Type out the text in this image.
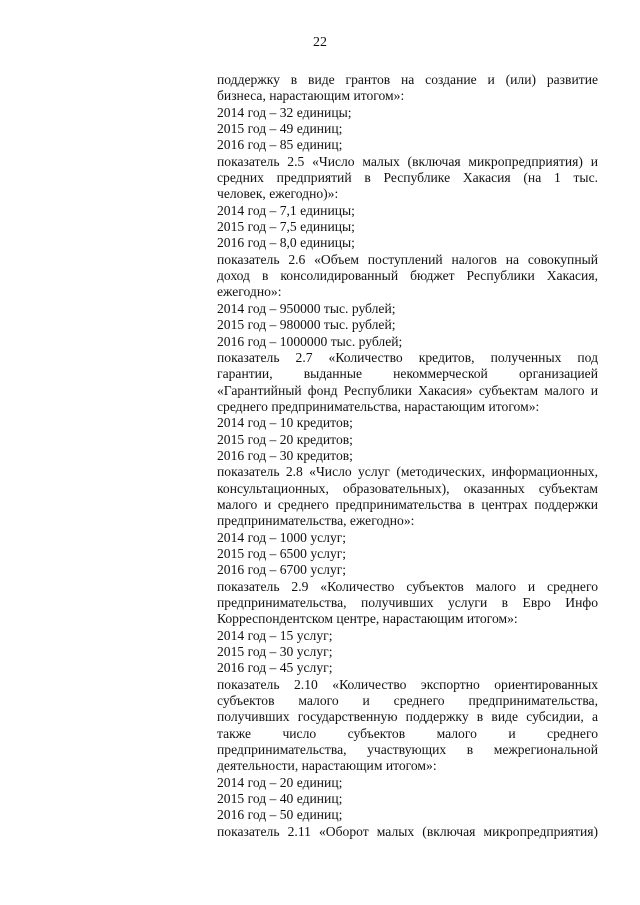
22
поддержку в виде грантов на создание и (или) развитие
бизнеса, нарастающим итогом»:
2014 год – 32 единицы;
2015 год – 49 единиц;
2016 год – 85 единиц;
показатель 2.5 «Число малых (включая микропредприятия) и
средних предприятий в Республике Хакасия (на 1 тыс.
человек, ежегодно)»:
2014 год – 7,1 единицы;
2015 год – 7,5 единицы;
2016 год – 8,0 единицы;
показатель 2.6 «Объем поступлений налогов на совокупный
доход в консолидированный бюджет Республики Хакасия,
ежегодно»:
2014 год – 950000 тыс. рублей;
2015 год – 980000 тыс. рублей;
2016 год – 1000000 тыс. рублей;
показатель 2.7 «Количество кредитов, полученных под
гарантии, выданные некоммерческой организацией
«Гарантийный фонд Республики Хакасия» субъектам малого и
среднего предпринимательства, нарастающим итогом»:
2014 год – 10 кредитов;
2015 год – 20 кредитов;
2016 год – 30 кредитов;
показатель 2.8 «Число услуг (методических, информационных,
консультационных, образовательных), оказанных субъектам
малого и среднего предпринимательства в центрах поддержки
предпринимательства, ежегодно»:
2014 год – 1000 услуг;
2015 год – 6500 услуг;
2016 год – 6700 услуг;
показатель 2.9 «Количество субъектов малого и среднего
предпринимательства, получивших услуги в Евро Инфо
Корреспондентском центре, нарастающим итогом»:
2014 год – 15 услуг;
2015 год – 30 услуг;
2016 год – 45 услуг;
показатель 2.10 «Количество экспортно ориентированных
субъектов малого и среднего предпринимательства,
получивших государственную поддержку в виде субсидии, а
также число субъектов малого и среднего
предпринимательства, участвующих в межрегиональной
деятельности, нарастающим итогом»:
2014 год – 20 единиц;
2015 год – 40 единиц;
2016 год – 50 единиц;
показатель 2.11 «Оборот малых (включая микропредприятия)
